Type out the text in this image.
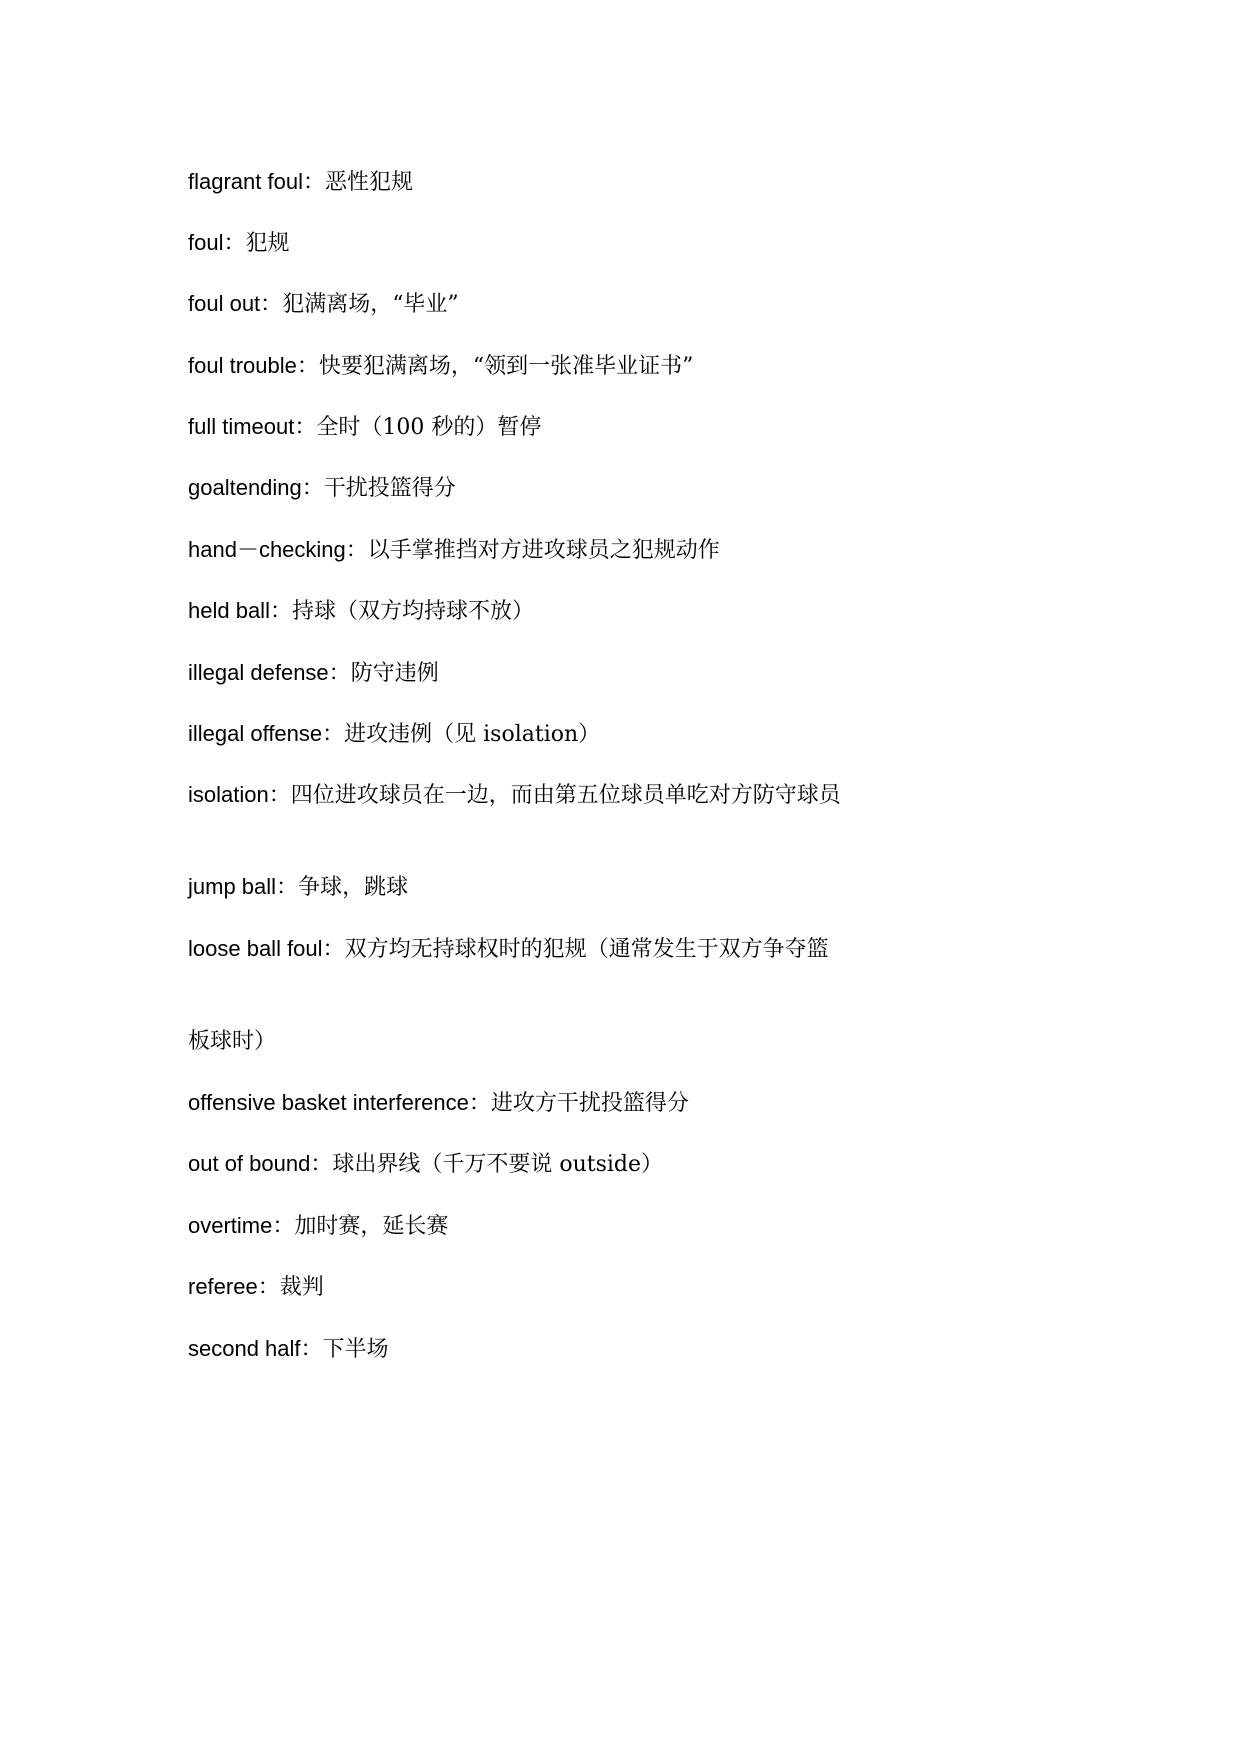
flagrant foul：恶性犯规
foul：犯规
foul out：犯满离场，“毕业”
foul trouble：快要犯满离场，“领到一张准毕业证书”
full timeout：全时（100 秒的）暂停
goaltending：干扰投篮得分
hand－checking：以手掌推挡对方进攻球员之犯规动作
held ball：持球（双方均持球不放）
illegal defense：防守违例
illegal offense：进攻违例（见 isolation）
isolation：四位进攻球员在一边，而由第五位球员单吃对方防守球员
jump ball：争球，跳球
loose ball foul：双方均无持球权时的犯规（通常发生于双方争夺篮
板球时）
offensive basket interference：进攻方干扰投篮得分
out of bound：球出界线（千万不要说 outside）
overtime：加时赛，延长赛
referee：裁判
second half：下半场
